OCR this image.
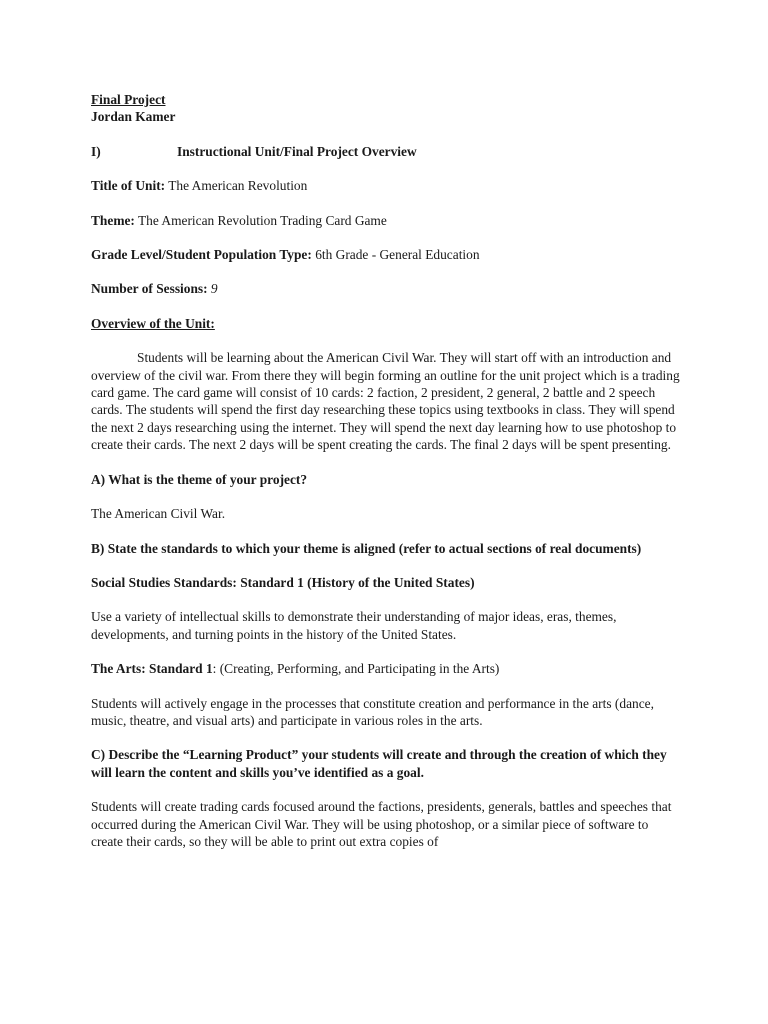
Final Project

Jordan Kamer

I)	Instructional Unit/Final Project Overview

Title of Unit: The American Revolution

Theme: The American Revolution Trading Card Game

Grade Level/Student Population Type: 6th Grade - General Education

Number of Sessions: 9

Overview of the Unit:

Students will be learning about the American Civil War. They will start off with an introduction and overview of the civil war. From there they will begin forming an outline for the unit project which is a trading card game. The card game will consist of 10 cards: 2 faction, 2 president, 2 general, 2 battle and 2 speech cards. The students will spend the first day researching these topics using textbooks in class. They will spend the next 2 days researching using the internet. They will spend the next day learning how to use photoshop to create their cards. The next 2 days will be spent creating the cards. The final 2 days will be spent presenting.

A) What is the theme of your project?

The American Civil War.

B) State the standards to which your theme is aligned (refer to actual sections of real documents)

Social Studies Standards: Standard 1 (History of the United States)

Use a variety of intellectual skills to demonstrate their understanding of major ideas, eras, themes, developments, and turning points in the history of the United States.

The Arts: Standard 1: (Creating, Performing, and Participating in the Arts)

Students will actively engage in the processes that constitute creation and performance in the arts (dance, music, theatre, and visual arts) and participate in various roles in the arts.

C) Describe the “Learning Product” your students will create and through the creation of which they will learn the content and skills you’ve identified as a goal.

Students will create trading cards focused around the factions, presidents, generals, battles and speeches that occurred during the American Civil War. They will be using photoshop, or a similar piece of software to create their cards, so they will be able to print out extra copies of
